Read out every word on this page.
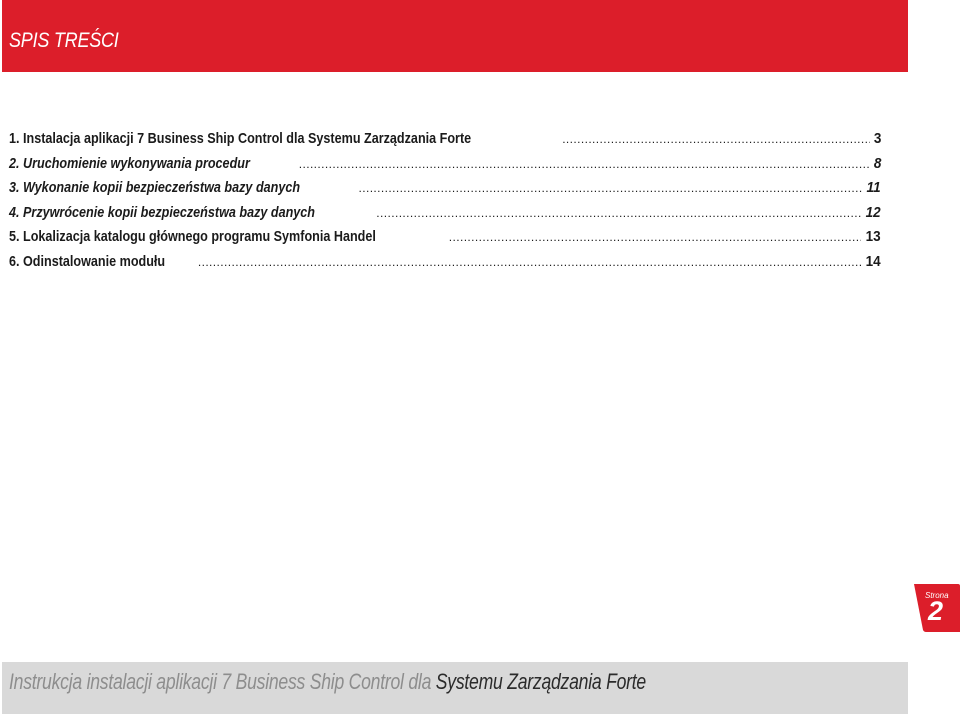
SPIS TREŚCI
1. Instalacja aplikacji 7 Business Ship Control dla Systemu Zarządzania Forte .....	3
2. Uruchomienie wykonywania procedur .....	8
3. Wykonanie kopii bezpieczeństwa bazy danych .....	11
4. Przywrócenie kopii bezpieczeństwa bazy danych .....	12
5. Lokalizacja katalogu głównego programu Symfonia Handel .....	13
6. Odinstalowanie modułu .....	14
Strona
2
Instrukcja instalacji aplikacji 7 Business Ship Control dla Systemu Zarządzania Forte
